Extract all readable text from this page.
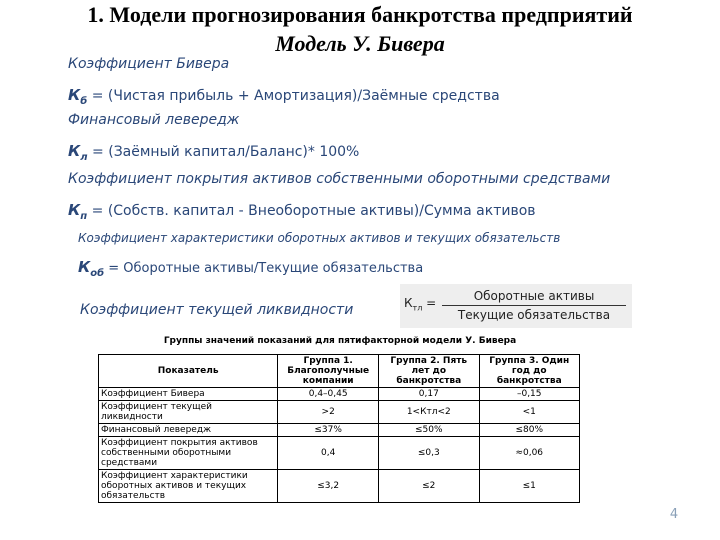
1. Модели прогнозирования банкротства предприятий
Модель У. Бивера
Коэффициент Бивера
$К_б$ = (Чистая прибыль + Амортизация)/Заёмные средства
Финансовый левередж
$К_л$ = (Заёмный капитал/Баланс)* 100%
Коэффициент покрытия активов собственными оборотными средствами
$К_п$ = (Собств. капитал - Внеоборотные активы)/Сумма активов
Коэффициент характеристики оборотных активов и текущих обязательств
$К_{об}$ = Оборотные активы/Текущие обязательства
Коэффициент текущей ликвидности	$К_{тл}$ =	Оборотные активы
Текущие обязательства
Группы значений показаний для пятифакторной модели У. Бивера
Показатель	Группа 1. Благополучные компании	Группа 2. Пять лет до банкротства	Группа 3. Один год до банкротства
Коэффициент Бивера	0,4–0,45	0,17	–0,15
Коэффициент текущей ликвидности	>2	1<Ктл<2	<1
Финансовый левередж	≤37%	≤50%	≤80%
Коэффициент покрытия активов собственными оборотными средствами	0,4	≤0,3	≈0,06
Коэффициент характеристики оборотных активов и текущих обязательств	≤3,2	≤2	≤1
4
